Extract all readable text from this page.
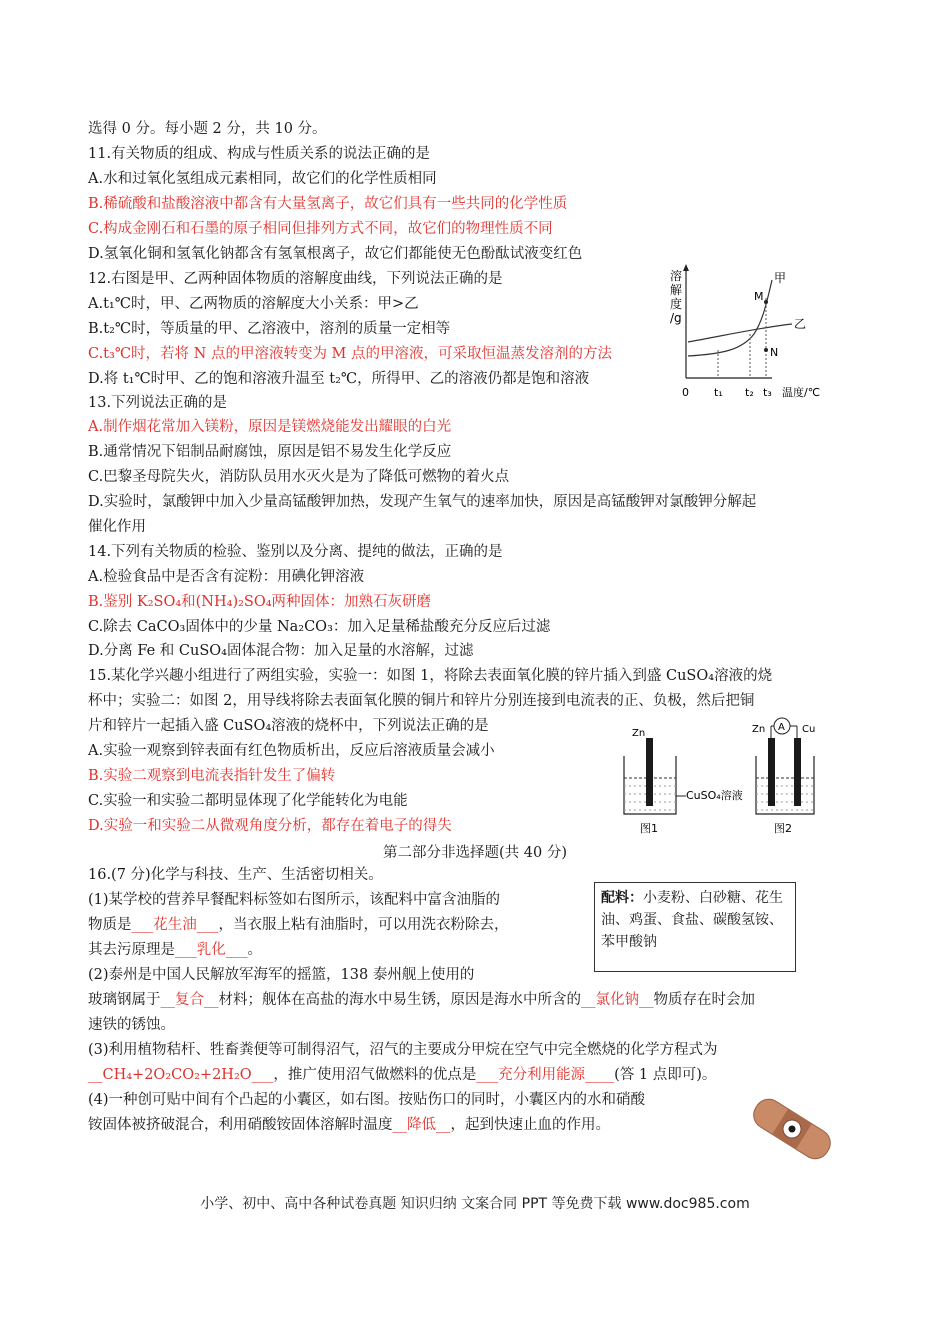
选得 0 分。每小题 2 分，共 10 分。
11.有关物质的组成、构成与性质关系的说法正确的是
A.水和过氧化氢组成元素相同，故它们的化学性质相同
B.稀硫酸和盐酸溶液中都含有大量氢离子，故它们具有一些共同的化学性质
C.构成金刚石和石墨的原子相同但排列方式不同，故它们的物理性质不同
D.氢氧化铜和氢氧化钠都含有氢氧根离子，故它们都能使无色酚酞试液变红色
12.右图是甲、乙两种固体物质的溶解度曲线，下列说法正确的是
A.t₁℃时，甲、乙两物质的溶解度大小关系：甲>乙
B.t₂℃时，等质量的甲、乙溶液中，溶剂的质量一定相等
C.t₃℃时，若将 N 点的甲溶液转变为 M 点的甲溶液，可采取恒温蒸发溶剂的方法
D.将 t₁℃时甲、乙的饱和溶液升温至 t₂℃，所得甲、乙的溶液仍都是饱和溶液
13.下列说法正确的是
A.制作烟花常加入镁粉，原因是镁燃烧能发出耀眼的白光
B.通常情况下铝制品耐腐蚀，原因是铝不易发生化学反应
C.巴黎圣母院失火，消防队员用水灭火是为了降低可燃物的着火点
D.实验时，氯酸钾中加入少量高锰酸钾加热，发现产生氧气的速率加快，原因是高锰酸钾对氯酸钾分解起
催化作用
14.下列有关物质的检验、鉴别以及分离、提纯的做法，正确的是
A.检验食品中是否含有淀粉：用碘化钾溶液
B.鉴别 K₂SO₄和(NH₄)₂SO₄两种固体：加熟石灰研磨
C.除去 CaCO₃固体中的少量 Na₂CO₃：加入足量稀盐酸充分反应后过滤
D.分离 Fe 和 CuSO₄固体混合物：加入足量的水溶解，过滤
15.某化学兴趣小组进行了两组实验，实验一：如图 1，将除去表面氧化膜的锌片插入到盛 CuSO₄溶液的烧
杯中；实验二：如图 2，用导线将除去表面氧化膜的铜片和锌片分别连接到电流表的正、负极，然后把铜
片和锌片一起插入盛 CuSO₄溶液的烧杯中，下列说法正确的是
A.实验一观察到锌表面有红色物质析出，反应后溶液质量会减小
B.实验二观察到电流表指针发生了偏转
C.实验一和实验二都明显体现了化学能转化为电能
D.实验一和实验二从微观角度分析，都存在着电子的得失
第二部分非选择题(共 40 分)
16.(7 分)化学与科技、生产、生活密切相关。
(1)某学校的营养早餐配料标签如右图所示，该配料中富含油脂的
物质是___花生油___，当衣服上粘有油脂时，可以用洗衣粉除去，
其去污原理是___乳化___。
(2)泰州是中国人民解放军海军的摇篮，138 泰州舰上使用的
玻璃钢属于__复合__材料；舰体在高盐的海水中易生锈，原因是海水中所含的__氯化钠__物质存在时会加
速铁的锈蚀。
(3)利用植物秸杆、牲畜粪便等可制得沼气，沼气的主要成分甲烷在空气中完全燃烧的化学方程式为
__CH₄+2O₂CO₂+2H₂O___，推广使用沼气做燃料的优点是___充分利用能源____(答 1 点即可)。
(4)一种创可贴中间有个凸起的小囊区，如右图。按贴伤口的同时，小囊区内的水和硝酸
铵固体被挤破混合，利用硝酸铵固体溶解时温度__降低__，起到快速止血的作用。
配料：小麦粉、白砂糖、花生油、鸡蛋、食盐、碳酸氢铵、苯甲酸钠
溶
解
度
/g
M
N
甲
乙
0 t₁ t₂ t₃ 温度/℃
Zn
CuSO₄溶液
图1
A
Zn	Cu
图2
小学、初中、高中各种试卷真题 知识归纳 文案合同 PPT 等免费下载 www.doc985.com
